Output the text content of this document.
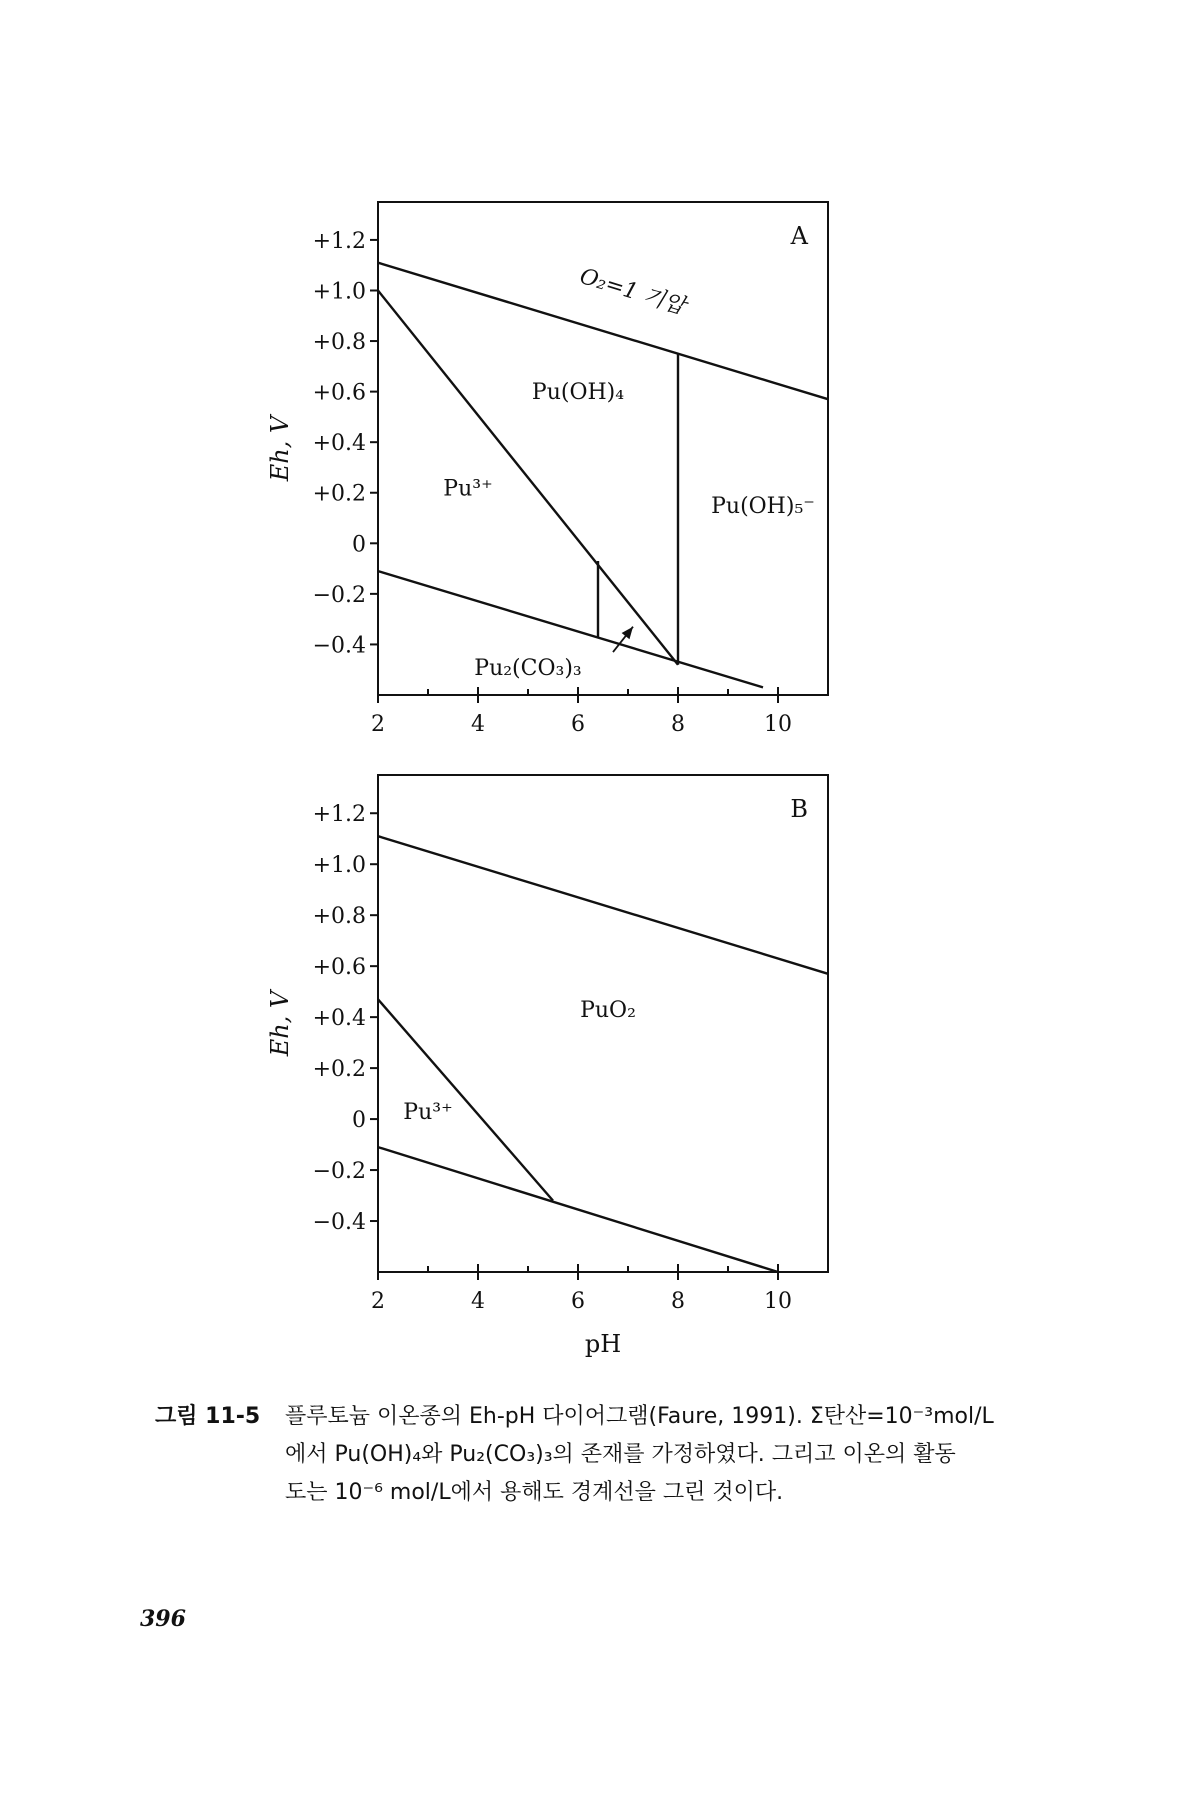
+1.2
+1.0
+0.8
+0.6
+0.4
+0.2
0
−0.2
−0.4
2	4	6	8	10
O₂=1 기압
Pu(OH)₄
Pu³⁺
Pu(OH)₅⁻
Pu₂(CO₃)₃
A
Eh, V
+1.2
+1.0
+0.8
+0.6
+0.4
+0.2
0
−0.2
−0.4
2	4	6	8	10
PuO₂
Pu³⁺
B
Eh, V
pH
그림 11-5 플루토늄 이온종의 Eh-pH 다이어그램(Faure, 1991). Σ탄산=10⁻³mol/L
에서 Pu(OH)₄와 Pu₂(CO₃)₃의 존재를 가정하였다. 그리고 이온의 활동
도는 10⁻⁶ mol/L에서 용해도 경계선을 그린 것이다.
396
